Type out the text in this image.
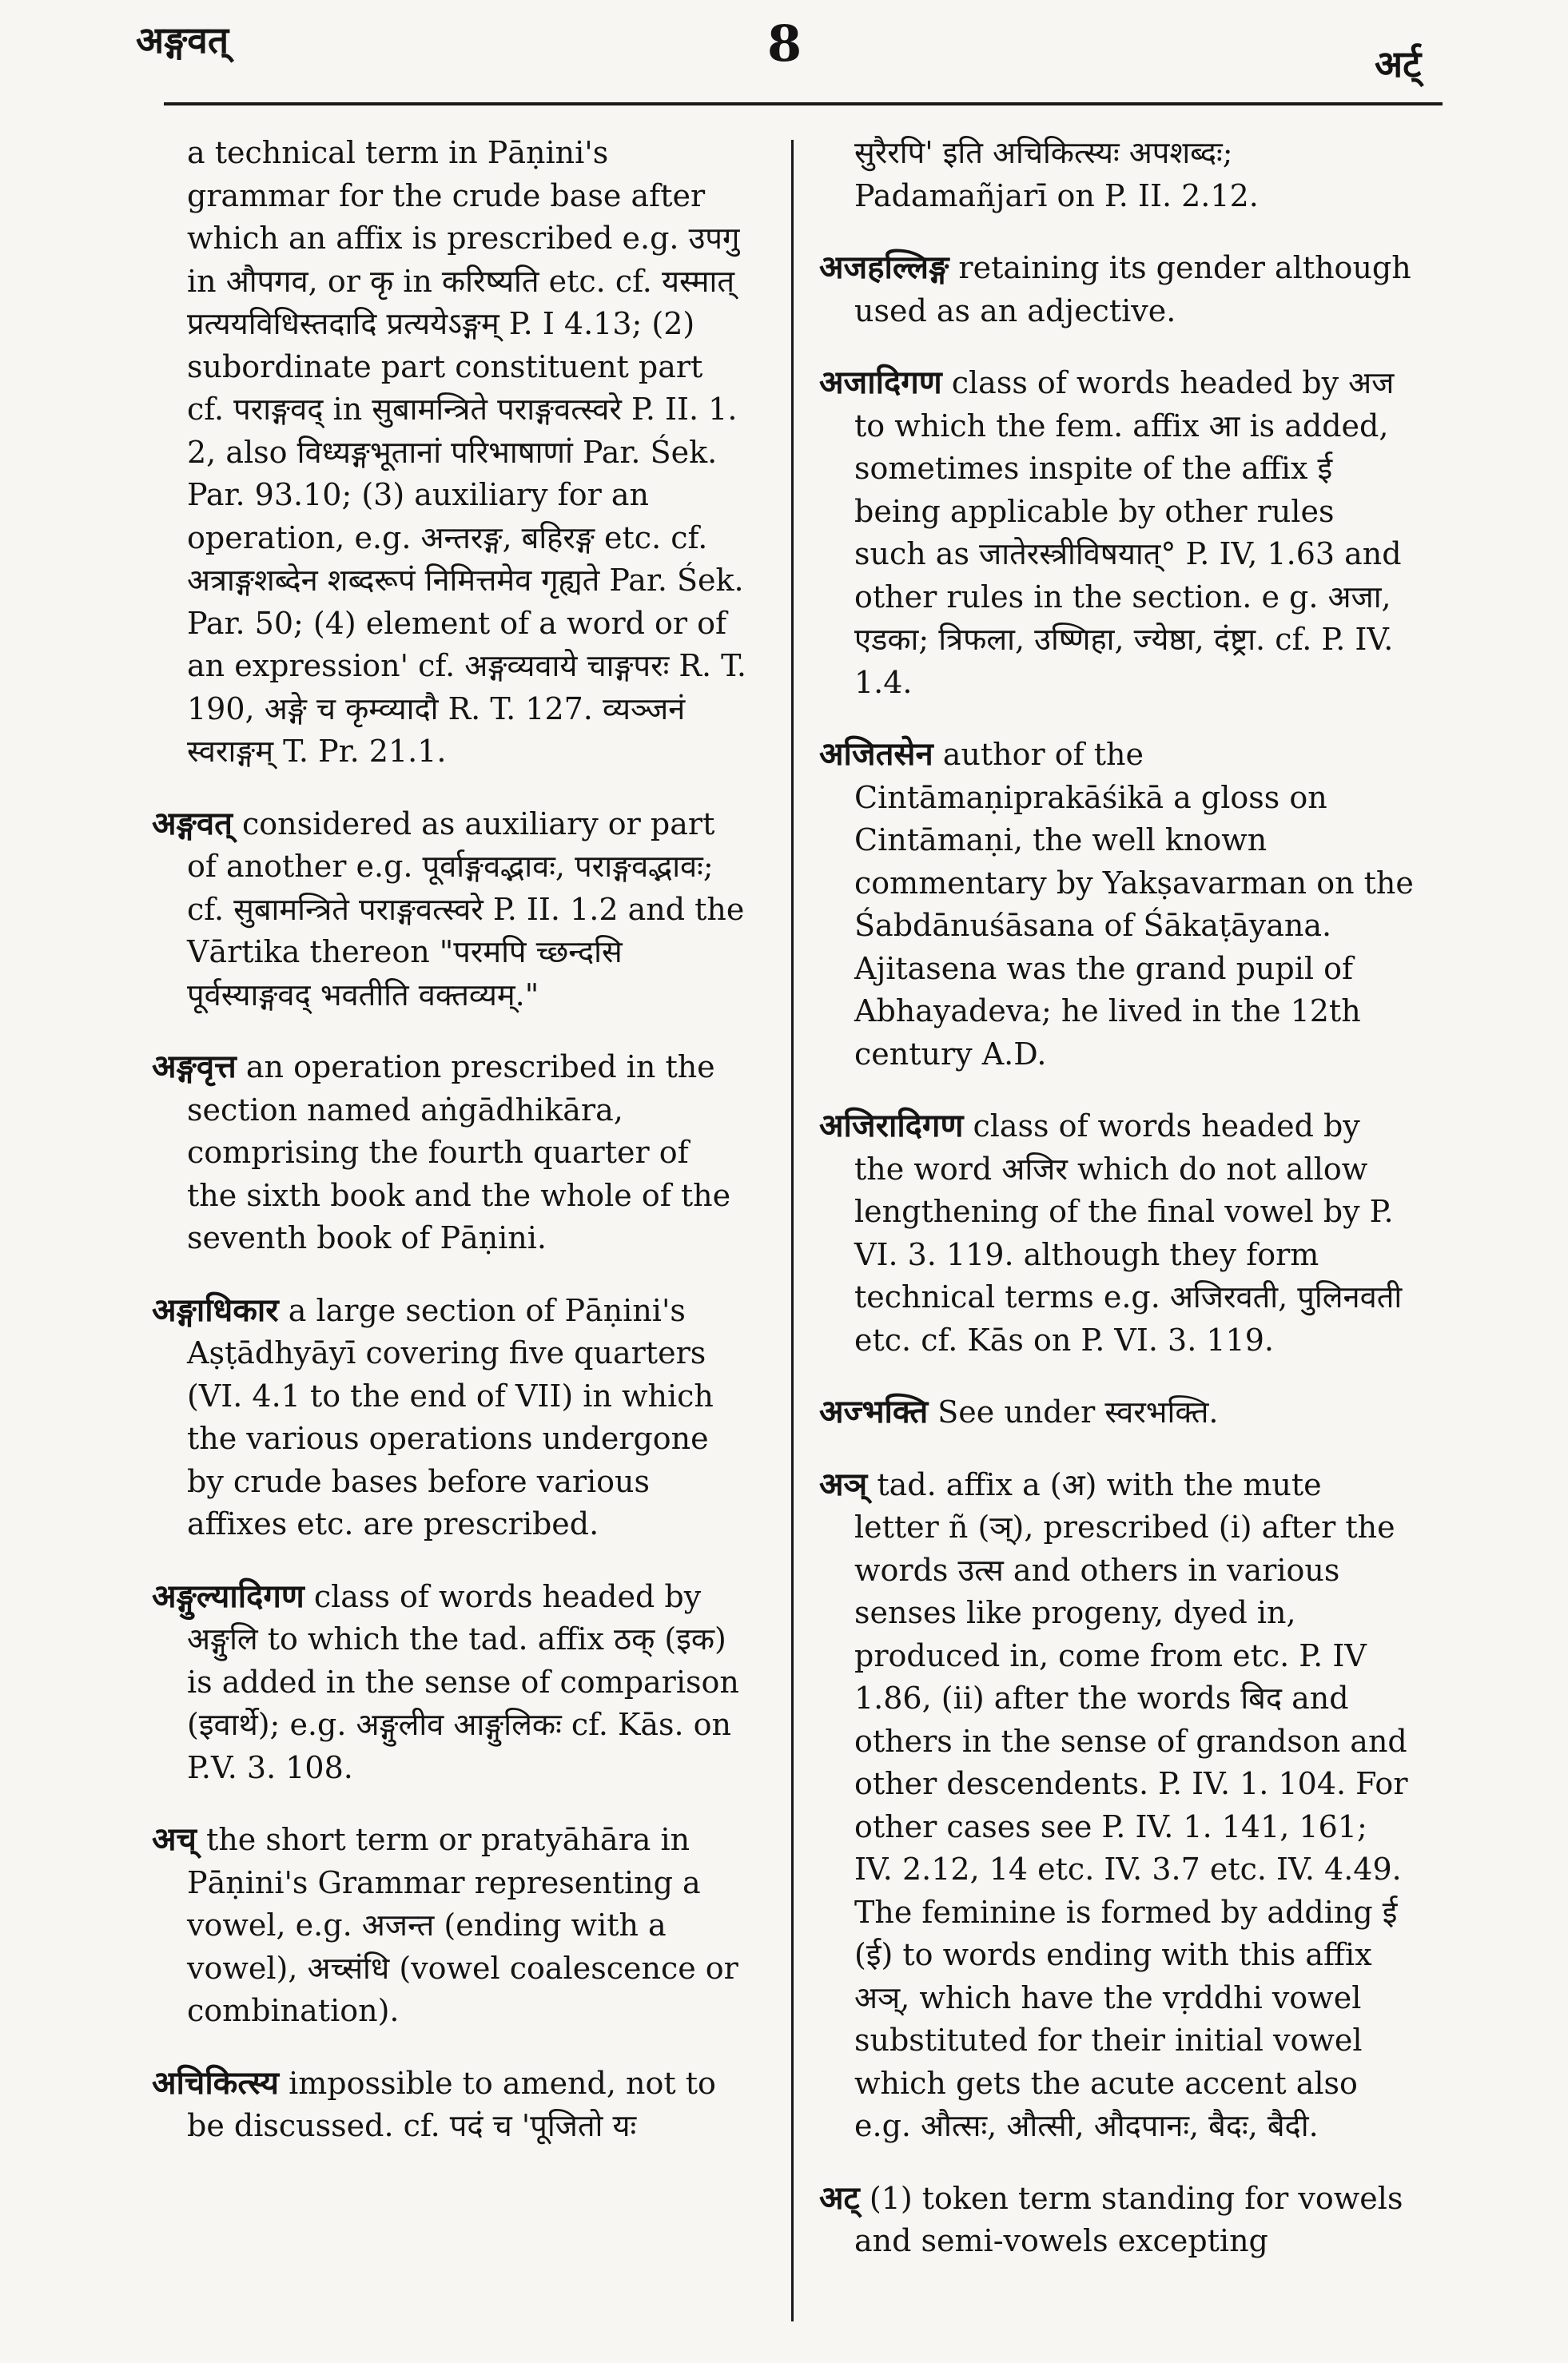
अङ्गवत्	8	अर्ट्
a technical term in Pāṇini's grammar for the crude base after which an affix is prescribed e.g. उपगु in औपगव, or कृ in करिष्यति etc. cf. यस्मात् प्रत्ययविधिस्तदादि प्रत्ययेऽङ्गम् P. I 4.13; (2) subordinate part constituent part cf. पराङ्गवद् in सुबामन्त्रिते पराङ्गवत्स्वरे P. II. 1. 2, also विध्यङ्गभूतानां परिभाषाणां Par. Śek. Par. 93.10; (3) auxiliary for an operation, e.g. अन्तरङ्ग, बहिरङ्ग etc. cf. अत्राङ्गशब्देन शब्दरूपं निमित्तमेव गृह्यते Par. Śek. Par. 50; (4) element of a word or of an expression' cf. अङ्गव्यवाये चाङ्गपरः R. T. 190, अङ्गे च कृम्व्यादौ R. T. 127. व्यञ्जनं स्वराङ्गम् T. Pr. 21.1.
अङ्गवत् considered as auxiliary or part of another e.g. पूर्वाङ्गवद्भावः, पराङ्गवद्भावः; cf. सुबामन्त्रिते पराङ्गवत्स्वरे P. II. 1.2 and the Vārtika thereon "परमपि च्छन्दसि पूर्वस्याङ्गवद् भवतीति वक्तव्यम्."
अङ्गवृत्त an operation prescribed in the section named aṅgādhikāra, comprising the fourth quarter of the sixth book and the whole of the seventh book of Pāṇini.
अङ्गाधिकार a large section of Pāṇini's Aṣṭādhyāyī covering five quarters (VI. 4.1 to the end of VII) in which the various operations undergone by crude bases before various affixes etc. are prescribed.
अङ्गुल्यादिगण class of words headed by अङ्गुलि to which the tad. affix ठक् (इक) is added in the sense of comparison (इवार्थे); e.g. अङ्गुलीव आङ्गुलिकः cf. Kās. on P.V. 3. 108.
अच् the short term or pratyāhāra in Pāṇini's Grammar representing a vowel, e.g. अजन्त (ending with a vowel), अच्संधि (vowel coalescence or combination).
अचिकित्स्य impossible to amend, not to be discussed. cf. पदं च 'पूजितो यः
सुरैरपि' इति अचिकित्स्यः अपशब्दः; Padamañjarī on P. II. 2.12.
अजहल्लिङ्ग retaining its gender although used as an adjective.
अजादिगण class of words headed by अज to which the fem. affix आ is added, sometimes inspite of the affix ई being applicable by other rules such as जातेरस्त्रीविषयात्° P. IV, 1.63 and other rules in the section. e g. अजा, एडका; त्रिफला, उष्णिहा, ज्येष्ठा, दंष्ट्रा. cf. P. IV. 1.4.
अजितसेन author of the Cintāmaṇiprakāśikā a gloss on Cintāmaṇi, the well known commentary by Yakṣavarman on the Śabdānuśāsana of Śākaṭāyana. Ajitasena was the grand pupil of Abhayadeva; he lived in the 12th century A.D.
अजिरादिगण class of words headed by the word अजिर which do not allow lengthening of the final vowel by P. VI. 3. 119. although they form technical terms e.g. अजिरवती, पुलिनवती etc. cf. Kās on P. VI. 3. 119.
अज्भक्ति See under स्वरभक्ति.
अञ् tad. affix a (अ) with the mute letter ñ (ञ्), prescribed (i) after the words उत्स and others in various senses like progeny, dyed in, produced in, come from etc. P. IV 1.86, (ii) after the words बिद and others in the sense of grandson and other descendents. P. IV. 1. 104. For other cases see P. IV. 1. 141, 161; IV. 2.12, 14 etc. IV. 3.7 etc. IV. 4.49. The feminine is formed by adding ई (ई) to words ending with this affix अञ्, which have the vṛddhi vowel substituted for their initial vowel which gets the acute accent also e.g. औत्सः, औत्सी, औदपानः, बैदः, बैदी.
अट् (1) token term standing for vowels and semi-vowels excepting
